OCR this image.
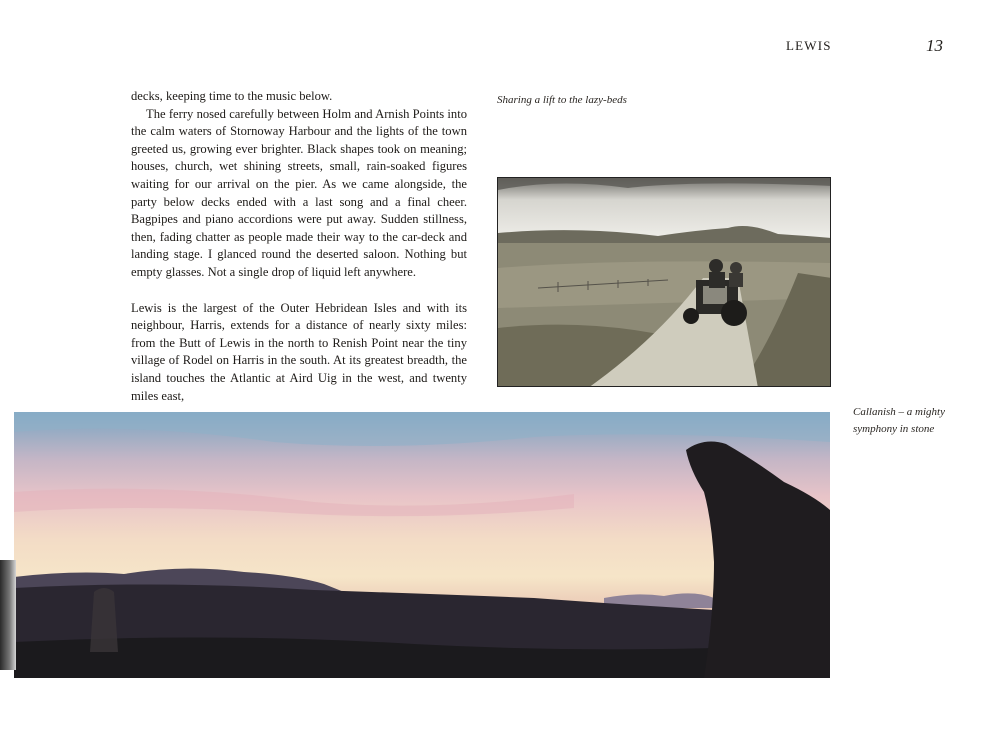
LEWIS	13

decks, keeping time to the music below.

The ferry nosed carefully between Holm and Arnish Points into the calm waters of Stornoway Harbour and the lights of the town greeted us, growing ever brighter. Black shapes took on meaning; houses, church, wet shining streets, small, rain-soaked figures waiting for our arrival on the pier. As we came alongside, the party below decks ended with a last song and a final cheer. Bagpipes and piano accordions were put away. Sudden stillness, then, fading chatter as people made their way to the car-deck and landing stage. I glanced round the deserted saloon. Nothing but empty glasses. Not a single drop of liquid left anywhere.

Lewis is the largest of the Outer Hebridean Isles and with its neighbour, Harris, extends for a distance of nearly sixty miles: from the Butt of Lewis in the north to Renish Point near the tiny village of Rodel on Harris in the south. At its greatest breadth, the island touches the Atlantic at Aird Uig in the west, and twenty miles east,

Sharing a lift to the lazy-beds
Callanish – a mighty
symphony in stone
